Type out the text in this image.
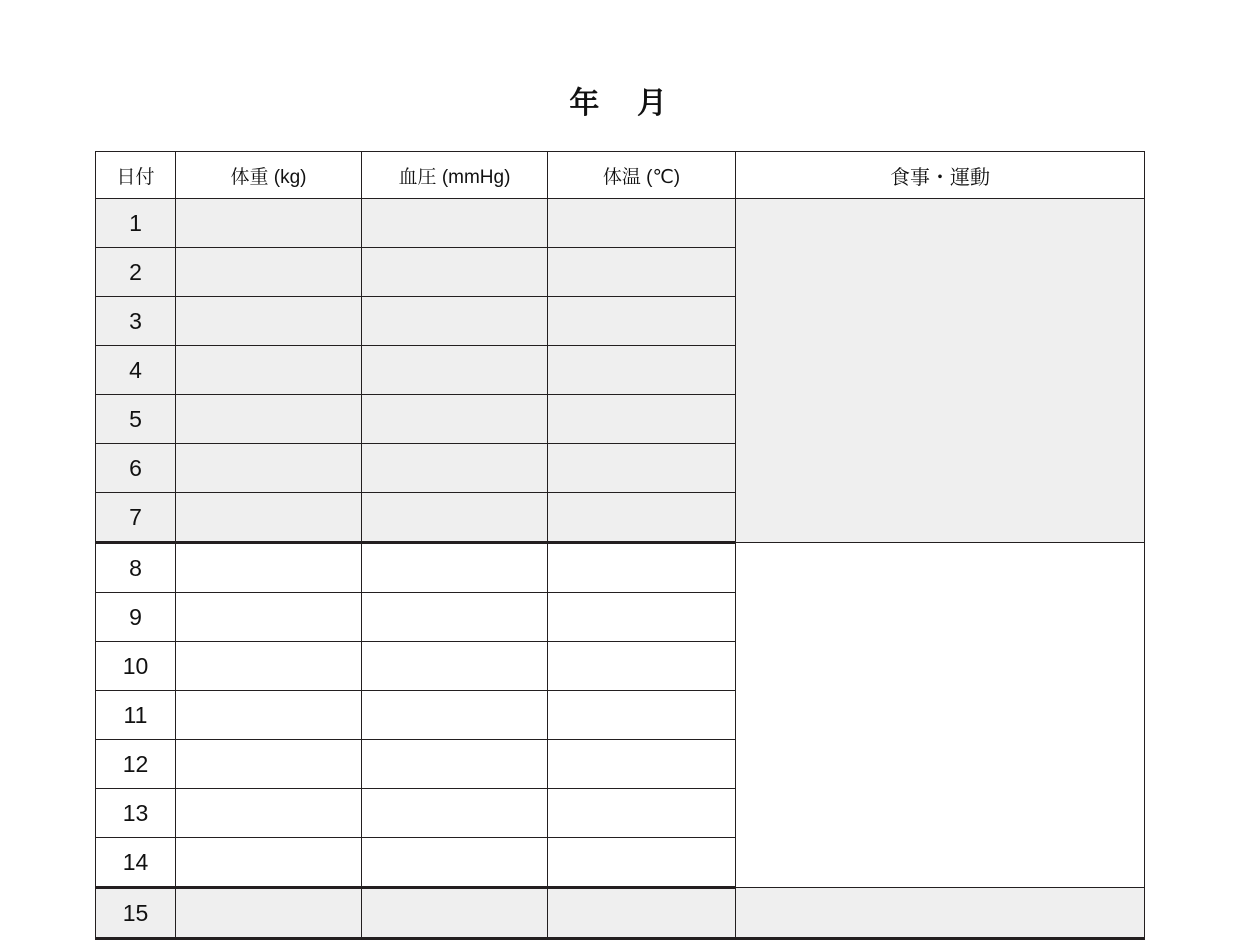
年 月
日付	体重 (kg)	血圧 (mmHg)	体温 (℃)	食事・運動
1				
2				
3				
4				
5				
6				
7				
8				
9				
10				
11				
12				
13				
14				
15				
